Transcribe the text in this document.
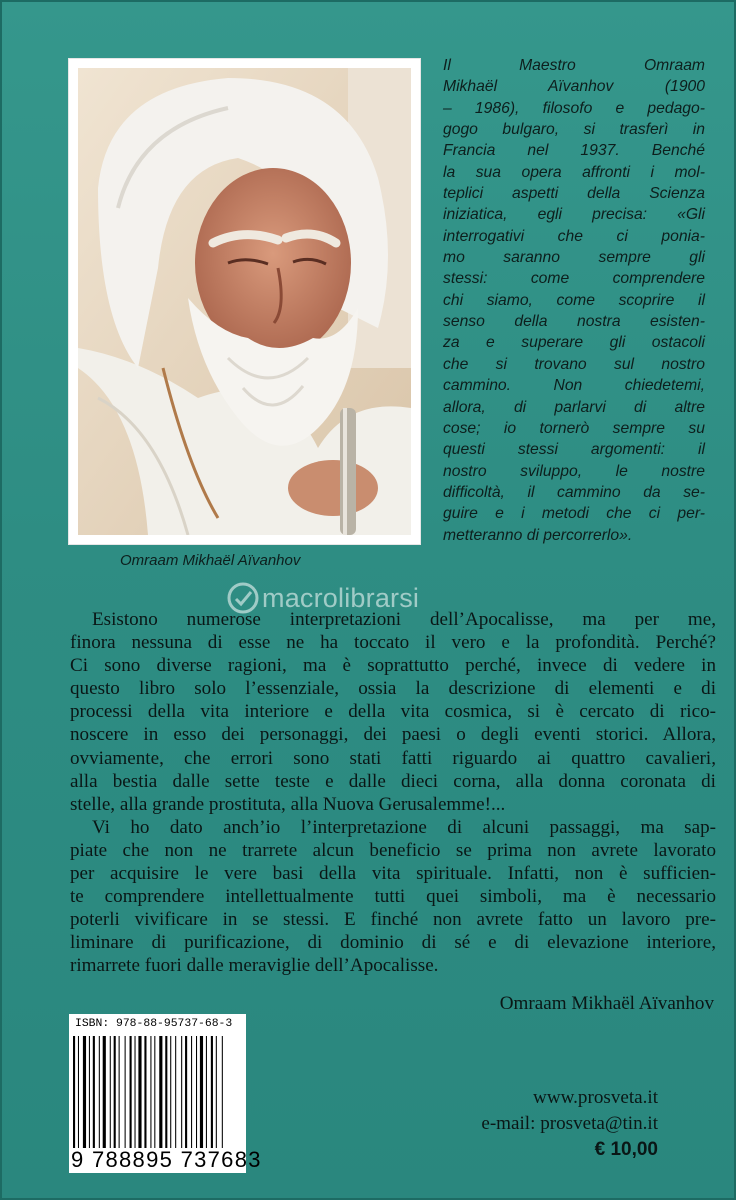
Omraam Mikhaël Aïvanhov
Il Maestro Omraam
Mikhaël Aïvanhov (1900
– 1986), filosofo e pedago-
gogo bulgaro, si trasferì in
Francia nel 1937. Benché
la sua opera affronti i mol-
teplici aspetti della Scienza
iniziatica, egli precisa: «Gli
interrogativi che ci ponia-
mo saranno sempre gli
stessi: come comprendere
chi siamo, come scoprire il
senso della nostra esisten-
za e superare gli ostacoli
che si trovano sul nostro
cammino. Non chiedetemi,
allora, di parlarvi di altre
cose; io tornerò sempre su
questi stessi argomenti: il
nostro sviluppo, le nostre
difficoltà, il cammino da se-
guire e i metodi che ci per-
metteranno di percorrerlo».
macrolibrarsi
Esistono numerose interpretazioni dell’Apocalisse, ma per me,
finora nessuna di esse ne ha toccato il vero e la profondità. Perché?
Ci sono diverse ragioni, ma è soprattutto perché, invece di vedere in
questo libro solo l’essenziale, ossia la descrizione di elementi e di
processi della vita interiore e della vita cosmica, si è cercato di rico-
noscere in esso dei personaggi, dei paesi o degli eventi storici. Allora,
ovviamente, che errori sono stati fatti riguardo ai quattro cavalieri,
alla bestia dalle sette teste e dalle dieci corna, alla donna coronata di
stelle, alla grande prostituta, alla Nuova Gerusalemme!...
Vi ho dato anch’io l’interpretazione di alcuni passaggi, ma sap-
piate che non ne trarrete alcun beneficio se prima non avrete lavorato
per acquisire le vere basi della vita spirituale. Infatti, non è sufficien-
te comprendere intellettualmente tutti quei simboli, ma è necessario
poterli vivificare in se stessi. E finché non avrete fatto un lavoro pre-
liminare di purificazione, di dominio di sé e di elevazione interiore,
rimarrete fuori dalle meraviglie dell’Apocalisse.
Omraam Mikhaël Aïvanhov
ISBN: 978-88-95737-68-3
9 788895 737683
www.prosveta.it
e-mail: prosveta@tin.it
€ 10,00
